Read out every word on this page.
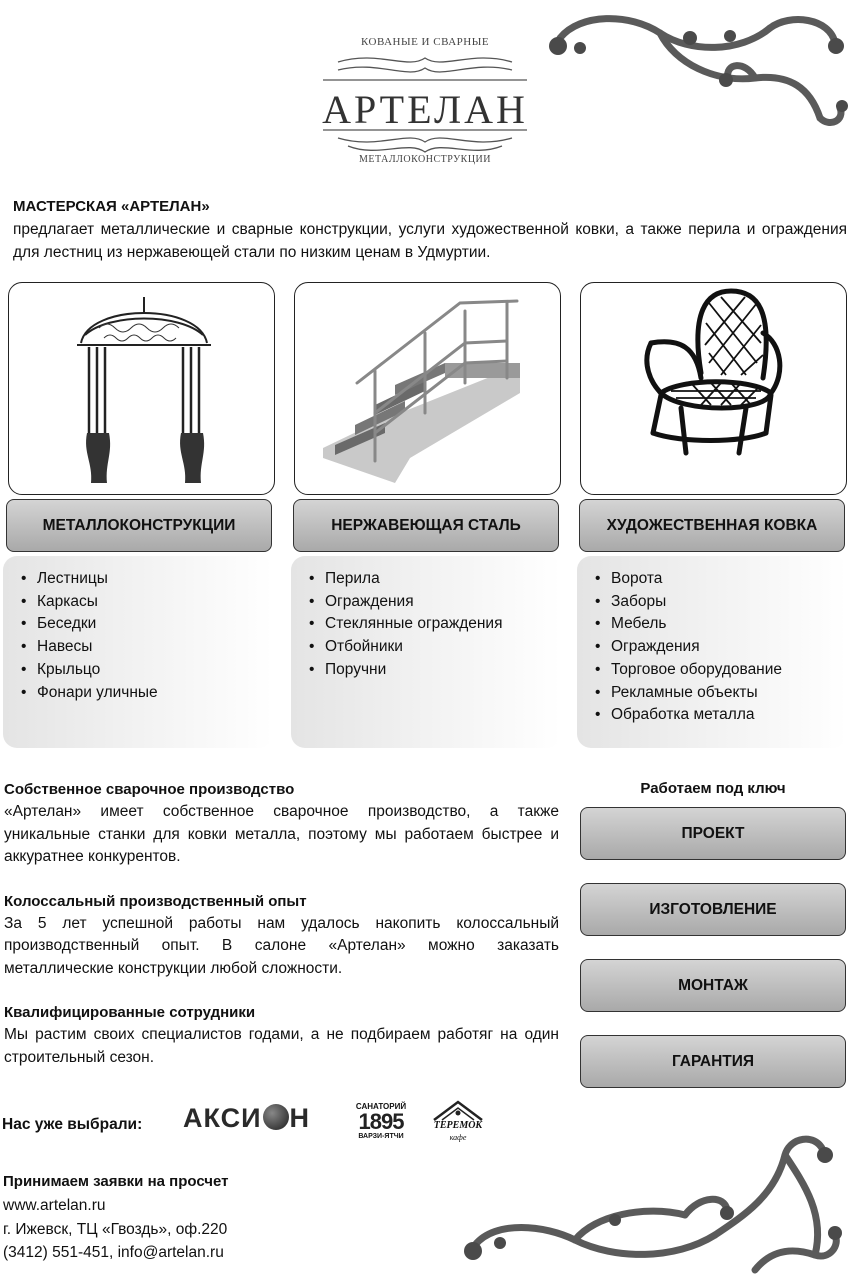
КОВАНЫЕ И СВАРНЫЕ
АРТЕЛАН
МЕТАЛЛОКОНСТРУКЦИИ
МАСТЕРСКАЯ «АРТЕЛАН»
предлагает металлические и сварные конструкции, услуги художественной ковки, а также перила и ограждения для лестниц из нержавеющей стали по низким ценам в Удмуртии.
МЕТАЛЛОКОНСТРУКЦИИ
• Лестницы
• Каркасы
• Беседки
• Навесы
• Крыльцо
• Фонари уличные
НЕРЖАВЕЮЩАЯ СТАЛЬ
• Перила
• Ограждения
• Стеклянные ограждения
• Отбойники
• Поручни
ХУДОЖЕСТВЕННАЯ КОВКА
• Ворота
• Заборы
• Мебель
• Ограждения
• Торговое оборудование
• Рекламные объекты
• Обработка металла
Собственное сварочное производство

«Артелан» имеет собственное сварочное производство, а также уникальные станки для ковки металла, поэтому мы работаем быстрее и аккуратнее конкурентов.

Колоссальный производственный опыт

За 5 лет успешной работы нам удалось накопить колоссальный производственный опыт. В салоне «Артелан» можно заказать металлические конструкции любой сложности.

Квалифицированные сотрудники

Мы растим своих специалистов годами, а не подбираем работяг на один строительный сезон.

Работаем под ключ
ПРОЕКТ
ИЗГОТОВЛЕНИЕ
МОНТАЖ
ГАРАНТИЯ
Нас уже выбрали: АКСИ Н	САНАТОРИЙ
1895
ВАРЗИ-ЯТЧИ
ТЕРЕМОК
кафе
Принимаем заявки на просчет
www.artelan.ru
г. Ижевск, ТЦ «Гвоздь», оф.220
(3412) 551-451, info@artelan.ru
